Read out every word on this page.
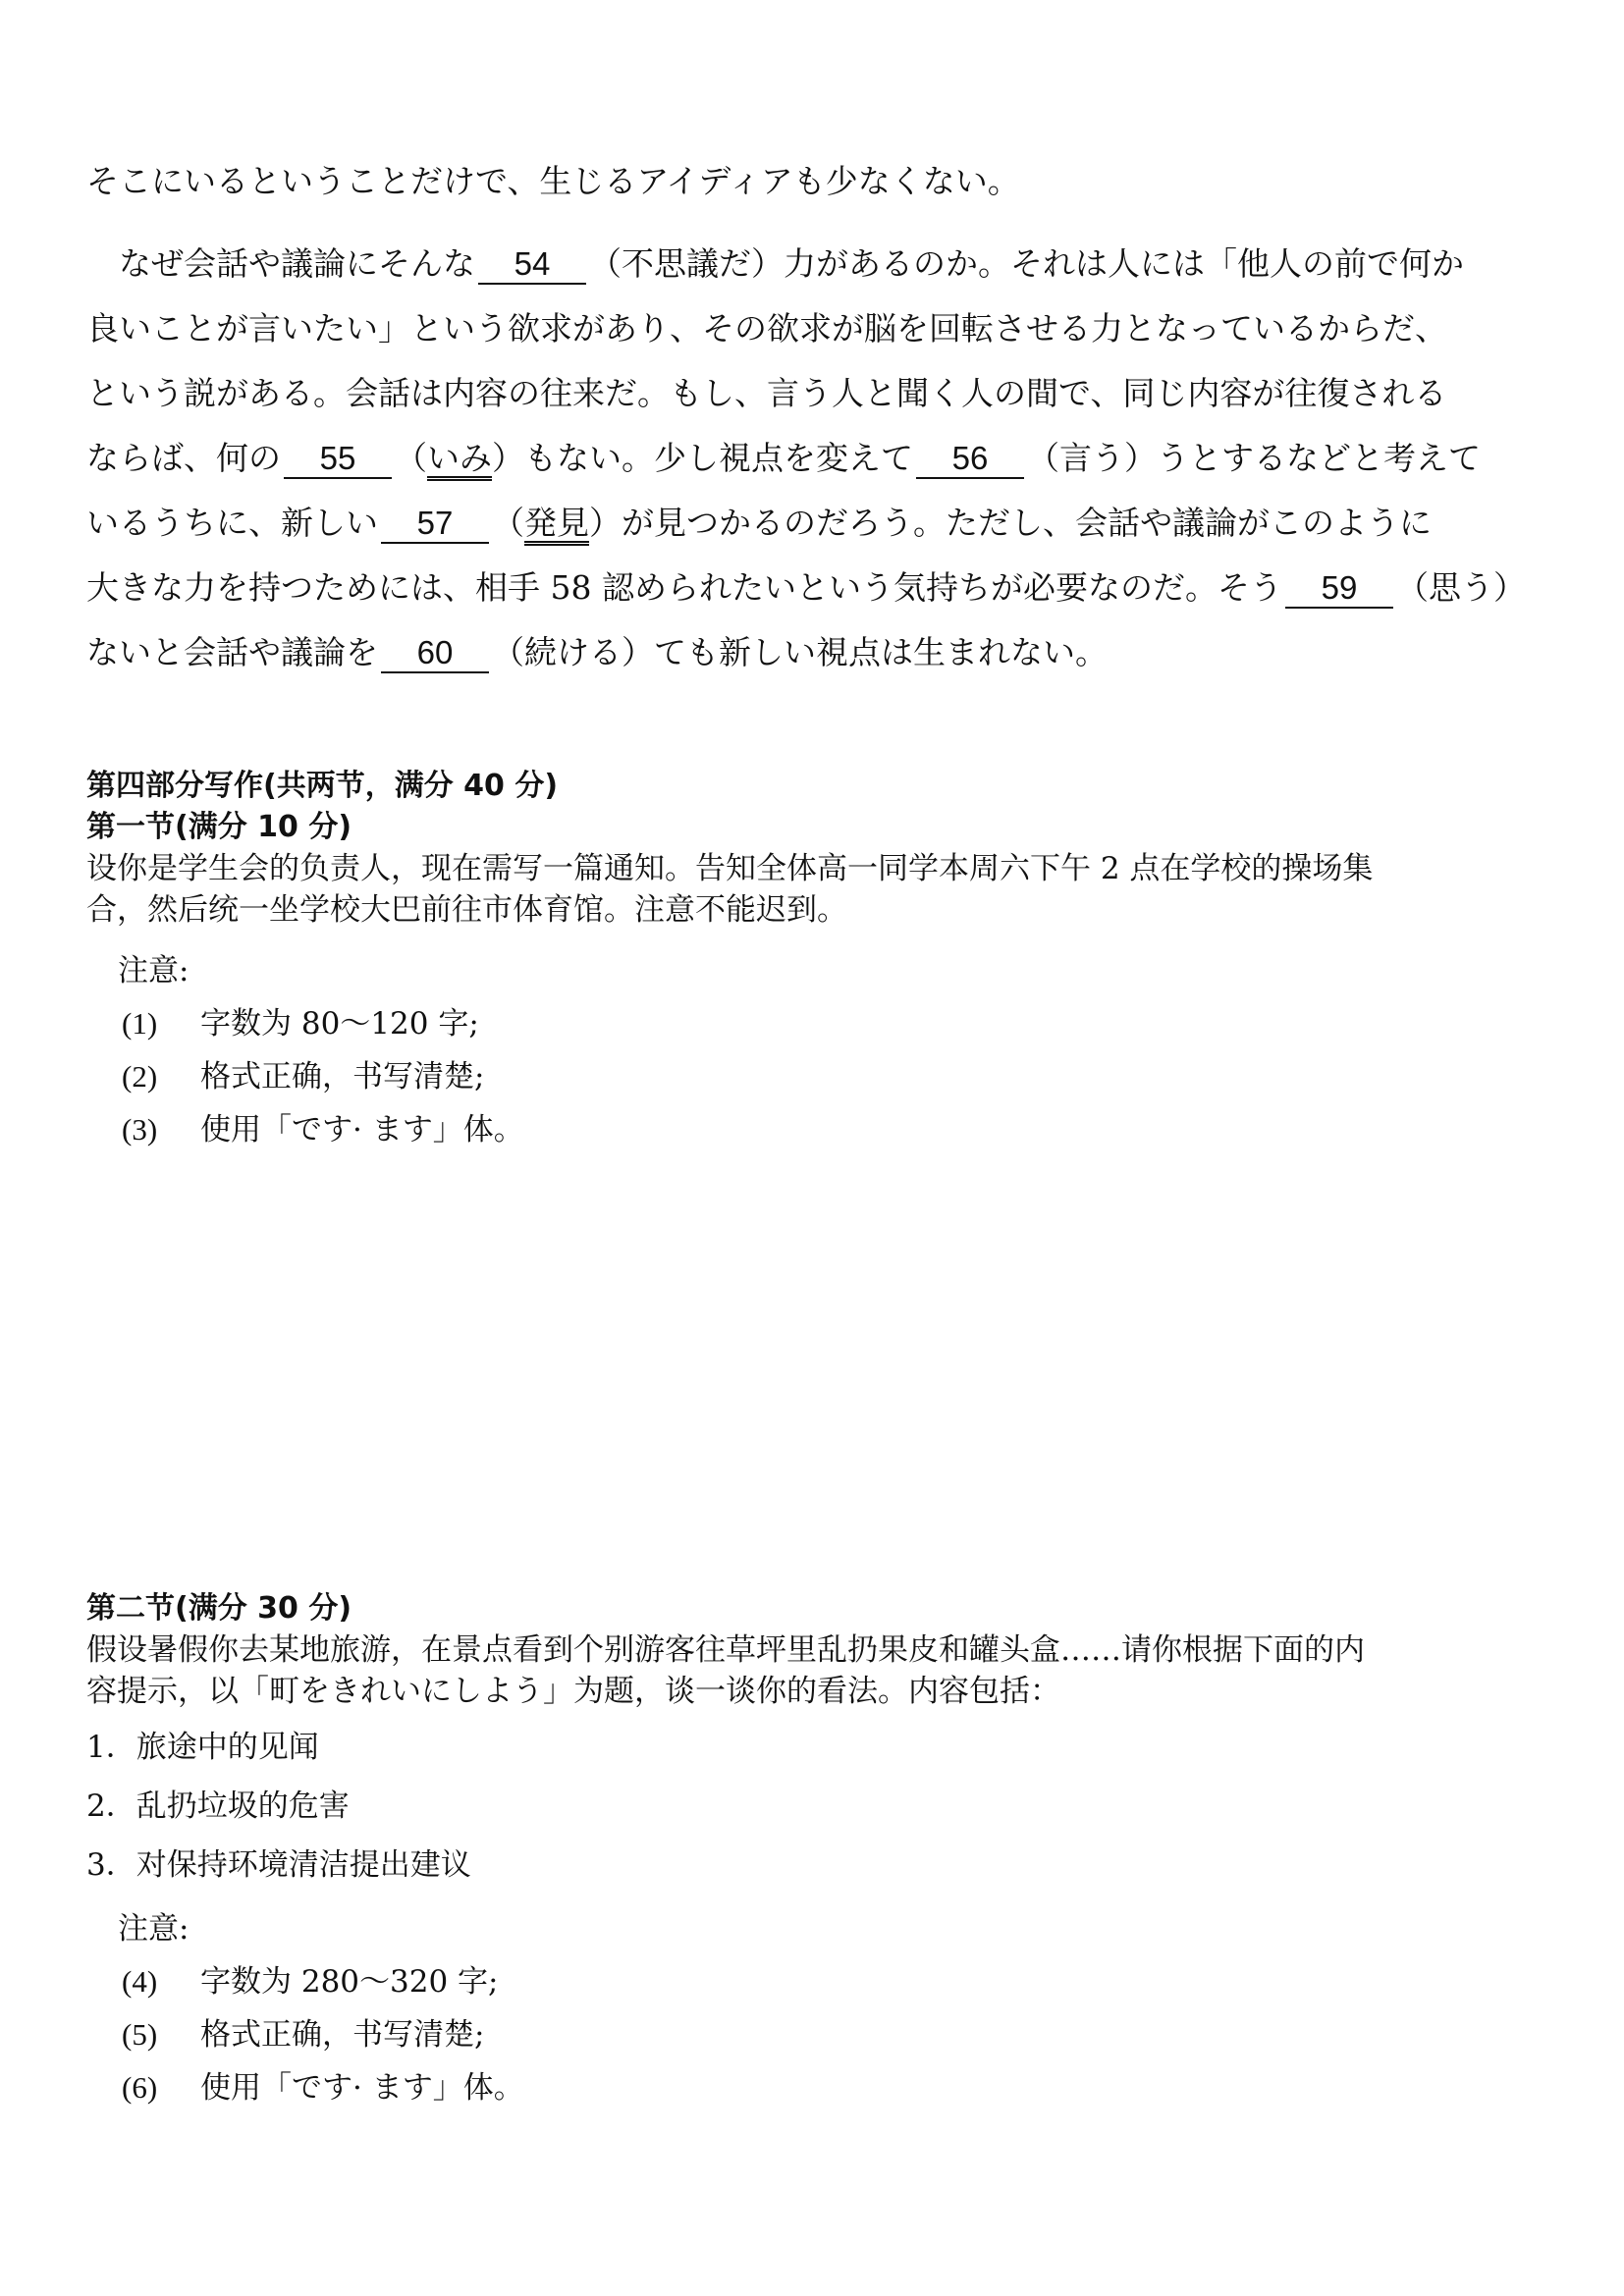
そこにいるということだけで、生じるアイディアも少なくない。
なぜ会話や議論にそんな 54 （不思議だ）力があるのか。それは人には「他人の前で何か
良いことが言いたい」という欲求があり、その欲求が脳を回転させる力となっているからだ、
という説がある。会話は内容の往来だ。もし、言う人と聞く人の間で、同じ内容が往復される
ならば、何の 55 （いみ）もない。少し視点を変えて 56 （言う）うとするなどと考えて
いるうちに、新しい 57 （発見）が見つかるのだろう。ただし、会話や議論がこのように
大きな力を持つためには、相手 58 認められたいという気持ちが必要なのだ。そう 59 （思う）
ないと会話や議論を 60 （続ける）ても新しい視点は生まれない。
第四部分写作(共两节，满分 40 分)
第一节(满分 10 分)
设你是学生会的负责人，现在需写一篇通知。告知全体高一同学本周六下午 2 点在学校的操场集
合，然后统一坐学校大巴前往市体育馆。注意不能迟到。
注意:
(1)	字数为 80～120 字;
(2)	格式正确，书写清楚;
(3)	使用「です· ます」体。
第二节(满分 30 分)
假设暑假你去某地旅游，在景点看到个别游客往草坪里乱扔果皮和罐头盒……请你根据下面的内
容提示，以「町をきれいにしよう」为题，谈一谈你的看法。内容包括：
1．旅途中的见闻
2．乱扔垃圾的危害
3．对保持环境清洁提出建议
注意:
(4)	字数为 280～320 字;
(5)	格式正确，书写清楚;
(6)	使用「です· ます」体。
